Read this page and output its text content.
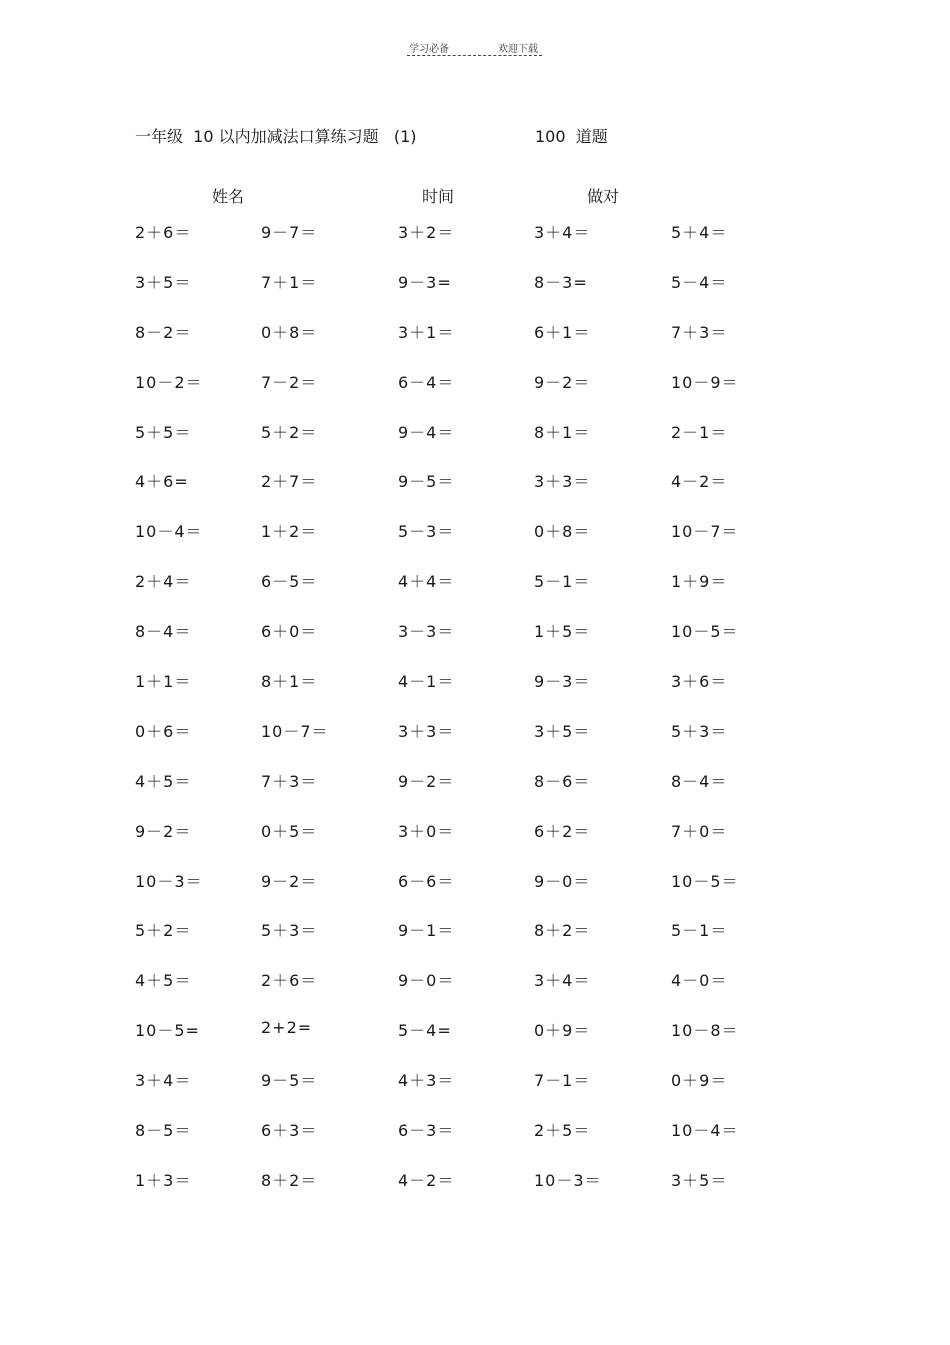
学习必备	欢迎下载
一年级  10 以内加减法口算练习题   (1)	100  道题
姓名	时间	做对
2＋6＝	9－7＝	3＋2＝	3＋4＝	5＋4＝
3＋5＝	7＋1＝	9－3=	8－3=	5－4＝
8－2＝	0＋8＝	3＋1＝	6＋1＝	7＋3＝
10－2＝	7－2＝	6－4＝	9－2＝	10－9＝
5＋5＝	5＋2＝	9－4＝	8＋1＝	2－1＝
4＋6=	2＋7＝	9－5＝	3＋3＝	4－2＝
10－4＝	1＋2＝	5－3＝	0＋8＝	10－7＝
2＋4＝	6－5＝	4＋4＝	5－1＝	1＋9＝
8－4＝	6＋0＝	3－3＝	1＋5＝	10－5＝
1＋1＝	8＋1＝	4－1＝	9－3＝	3＋6＝
0＋6＝	10－7＝	3＋3＝	3＋5＝	5＋3＝
4＋5＝	7＋3＝	9－2＝	8－6＝	8－4＝
9－2＝	0＋5＝	3＋0＝	6＋2＝	7＋0＝
10－3＝	9－2＝	6－6＝	9－0＝	10－5＝
5＋2＝	5＋3＝	9－1＝	8＋2＝	5－1＝
4＋5＝	2＋6＝	9－0＝	3＋4＝	4－0＝
10－5=	2+2=	5－4=	0＋9＝	10－8＝
3＋4＝	9－5＝	4＋3＝	7－1＝	0＋9＝
8－5＝	6＋3＝	6－3＝	2＋5＝	10－4＝
1＋3＝	8＋2＝	4－2＝	10－3＝	3＋5＝
